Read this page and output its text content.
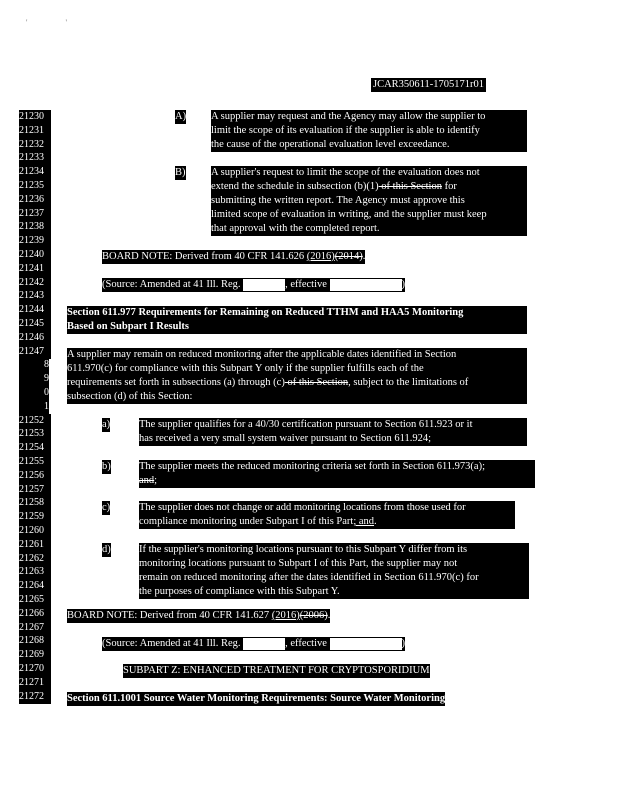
' '
JCAR350611-1705171r01
21230
21231
21232
21233
21234
21235
21236
21237
21238
21239
21240
21241
21242
21243
21244
21245
21246
21247
8
9
0
1
21252
21253
21254
21255
21256
21257
21258
21259
21260
21261
21262
21263
21264
21265
21266
21267
21268
21269
21270
21271
21272
A) A supplier may request and the Agency may allow the supplier to
limit the scope of its evaluation if the supplier is able to identify
the cause of the operational evaluation level exceedance.
B) A supplier's request to limit the scope of the evaluation does not
extend the schedule in subsection (b)(1) of this Section for
submitting the written report. The Agency must approve this
limited scope of evaluation in writing, and the supplier must keep
that approval with the completed report.
BOARD NOTE: Derived from 40 CFR 141.626 (2016)(2014).
(Source: Amended at 41 Ill. Reg.	, effective	)
Section 611.977 Requirements for Remaining on Reduced TTHM and HAA5 Monitoring
Based on Subpart I Results
A supplier may remain on reduced monitoring after the applicable dates identified in Section
611.970(c) for compliance with this Subpart Y only if the supplier fulfills each of the
requirements set forth in subsections (a) through (c) of this Section, subject to the limitations of
subsection (d) of this Section:
a)	The supplier qualifies for a 40/30 certification pursuant to Section 611.923 or it
has received a very small system waiver pursuant to Section 611.924;
b)	The supplier meets the reduced monitoring criteria set forth in Section 611.973(a);
and;
c)	The supplier does not change or add monitoring locations from those used for
compliance monitoring under Subpart I of this Part; and.
d)	If the supplier's monitoring locations pursuant to this Subpart Y differ from its
monitoring locations pursuant to Subpart I of this Part, the supplier may not
remain on reduced monitoring after the dates identified in Section 611.970(c) for
the purposes of compliance with this Subpart Y.
BOARD NOTE: Derived from 40 CFR 141.627 (2016)(2006).
(Source: Amended at 41 Ill. Reg.	, effective	)
SUBPART Z: ENHANCED TREATMENT FOR CRYPTOSPORIDIUM
Section 611.1001 Source Water Monitoring Requirements: Source Water Monitoring
